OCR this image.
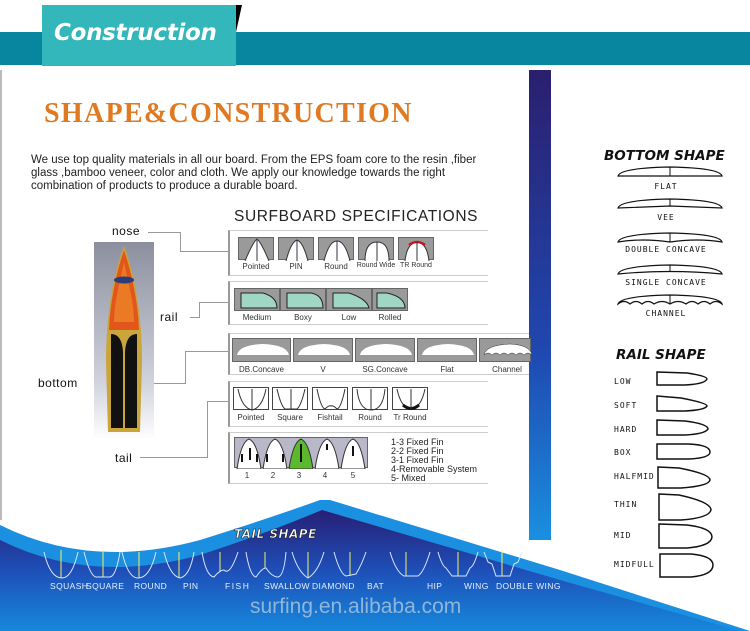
Construction
SHAPE&CONSTRUCTION
We use top quality materials in all our board. From the EPS foam core to the resin ,fiber glass ,bamboo veneer, color and cloth. We apply our knowledge towards the right combination of products to produce a durable board.
nose
rail
bottom
tail
SURFBOARD SPECIFICATIONS
Pointed	PIN	Round	Round Wide TR Round
Medium	Boxy	Low	Rolled
DB.Concave	V	SG.Concave	Flat	Channel
Pointed	Square	Fishtail	Round	Tr Round
1	2	3	4	5
1-3 Fixed Fin
2-2 Fixed Fin
3-1 Fixed Fin
4-Removable System
5- Mixed
BOTTOM SHAPE
FLAT
VEE
DOUBLE CONCAVE
SINGLE CONCAVE
CHANNEL
RAIL SHAPE
LOW
SOFT
HARD
BOX
HALFMID
THIN
MID
MIDFULL
TAIL SHAPE
SQUASH
SQUARE ROUND PIN	FISH SWALLOW DIAMOND BAT	HIP	WING DOUBLE WING
surfing.en.alibaba.com
